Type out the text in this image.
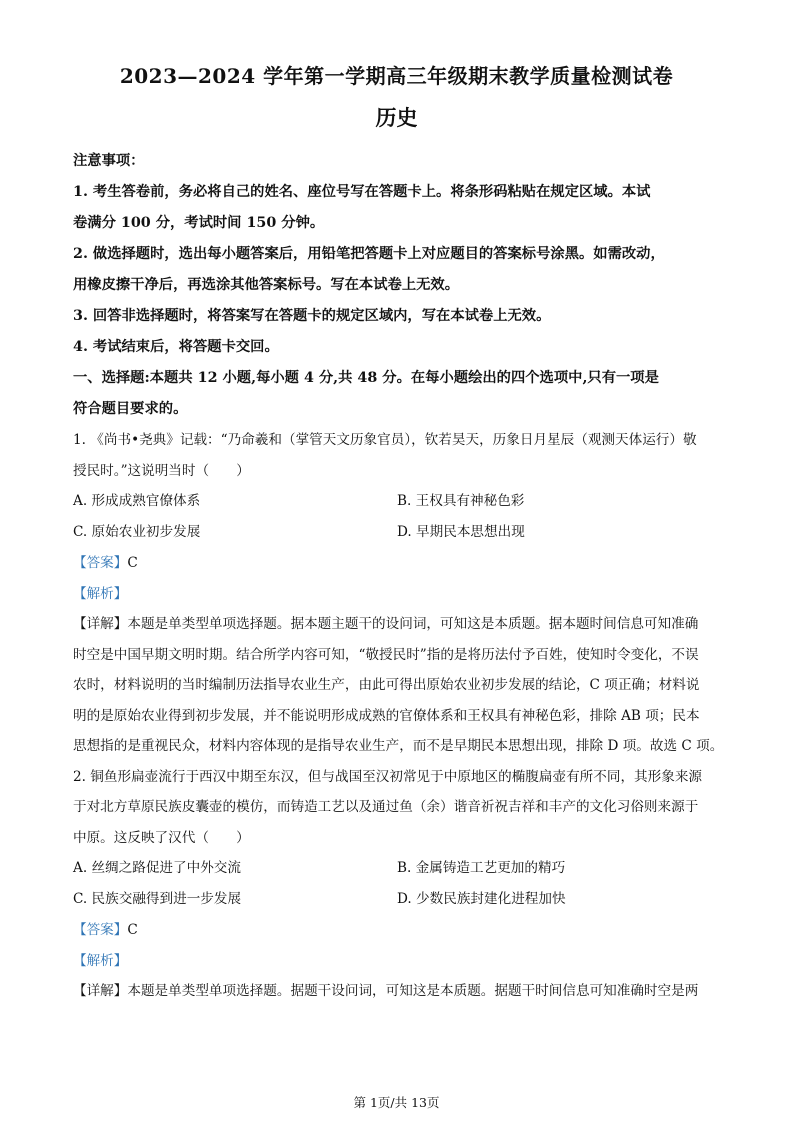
2023—2024 学年第一学期高三年级期末教学质量检测试卷
历史

注意事项：

1. 考生答卷前，务必将自己的姓名、座位号写在答题卡上。将条形码粘贴在规定区域。本试

卷满分 100 分，考试时间 150 分钟。

2. 做选择题时，选出每小题答案后，用铅笔把答题卡上对应题目的答案标号涂黑。如需改动，

用橡皮擦干净后，再选涂其他答案标号。写在本试卷上无效。

3. 回答非选择题时，将答案写在答题卡的规定区域内，写在本试卷上无效。

4. 考试结束后，将答题卡交回。

一、选择题:本题共 12 小题,每小题 4 分,共 48 分。在每小题绘出的四个选项中,只有一项是

符合题目要求的。

1. 《尚书•尧典》记载：“乃命羲和（掌管天文历象官员），钦若昊天，历象日月星辰（观测天体运行）敬

授民时。”这说明当时（　　）

A. 形成成熟官僚体系	B. 王权具有神秘色彩
C. 原始农业初步发展	D. 早期民本思想出现

【答案】C

【解析】

【详解】本题是单类型单项选择题。据本题主题干的设问词，可知这是本质题。据本题时间信息可知准确

时空是中国早期文明时期。结合所学内容可知，“敬授民时”指的是将历法付予百姓，使知时令变化，不误

农时，材料说明的当时编制历法指导农业生产，由此可得出原始农业初步发展的结论，C 项正确；材料说

明的是原始农业得到初步发展，并不能说明形成成熟的官僚体系和王权具有神秘色彩，排除 AB 项；民本

思想指的是重视民众，材料内容体现的是指导农业生产，而不是早期民本思想出现，排除 D 项。故选 C 项。

2. 铜鱼形扁壶流行于西汉中期至东汉，但与战国至汉初常见于中原地区的椭腹扁壶有所不同，其形象来源

于对北方草原民族皮囊壶的模仿，而铸造工艺以及通过鱼（余）谐音祈祝吉祥和丰产的文化习俗则来源于

中原。这反映了汉代（　　）

A. 丝绸之路促进了中外交流	B. 金属铸造工艺更加的精巧
C. 民族交融得到进一步发展	D. 少数民族封建化进程加快

【答案】C

【解析】

【详解】本题是单类型单项选择题。据题干设问词，可知这是本质题。据题干时间信息可知准确时空是两

第 1页/共 13页
